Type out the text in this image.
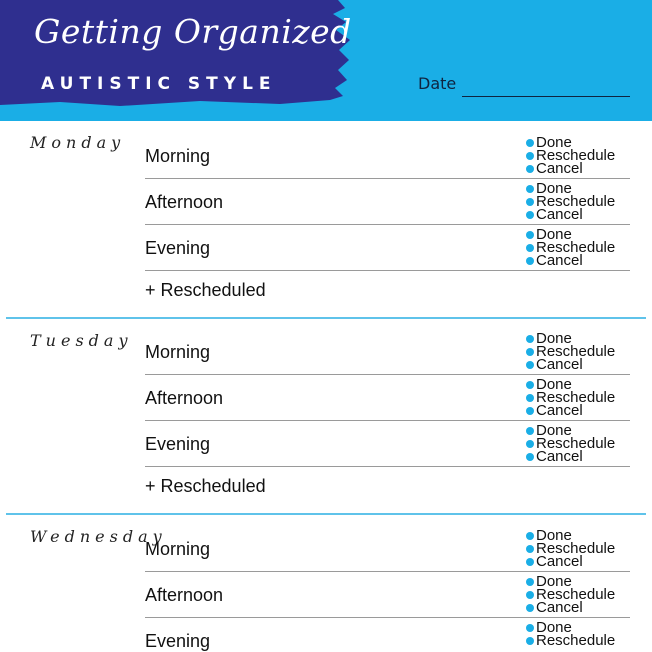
Getting Organized
AUTISTIC STYLE	Date
Monday
Morning
Done
Reschedule
Cancel
Afternoon
Done
Reschedule
Cancel
Evening
Done
Reschedule
Cancel
+ Rescheduled
Tuesday
Morning
Done
Reschedule
Cancel
Afternoon
Done
Reschedule
Cancel
Evening
Done
Reschedule
Cancel
+ Rescheduled
Wednesday
Morning
Done
Reschedule
Cancel
Afternoon
Done
Reschedule
Cancel
Evening
Done
Reschedule
